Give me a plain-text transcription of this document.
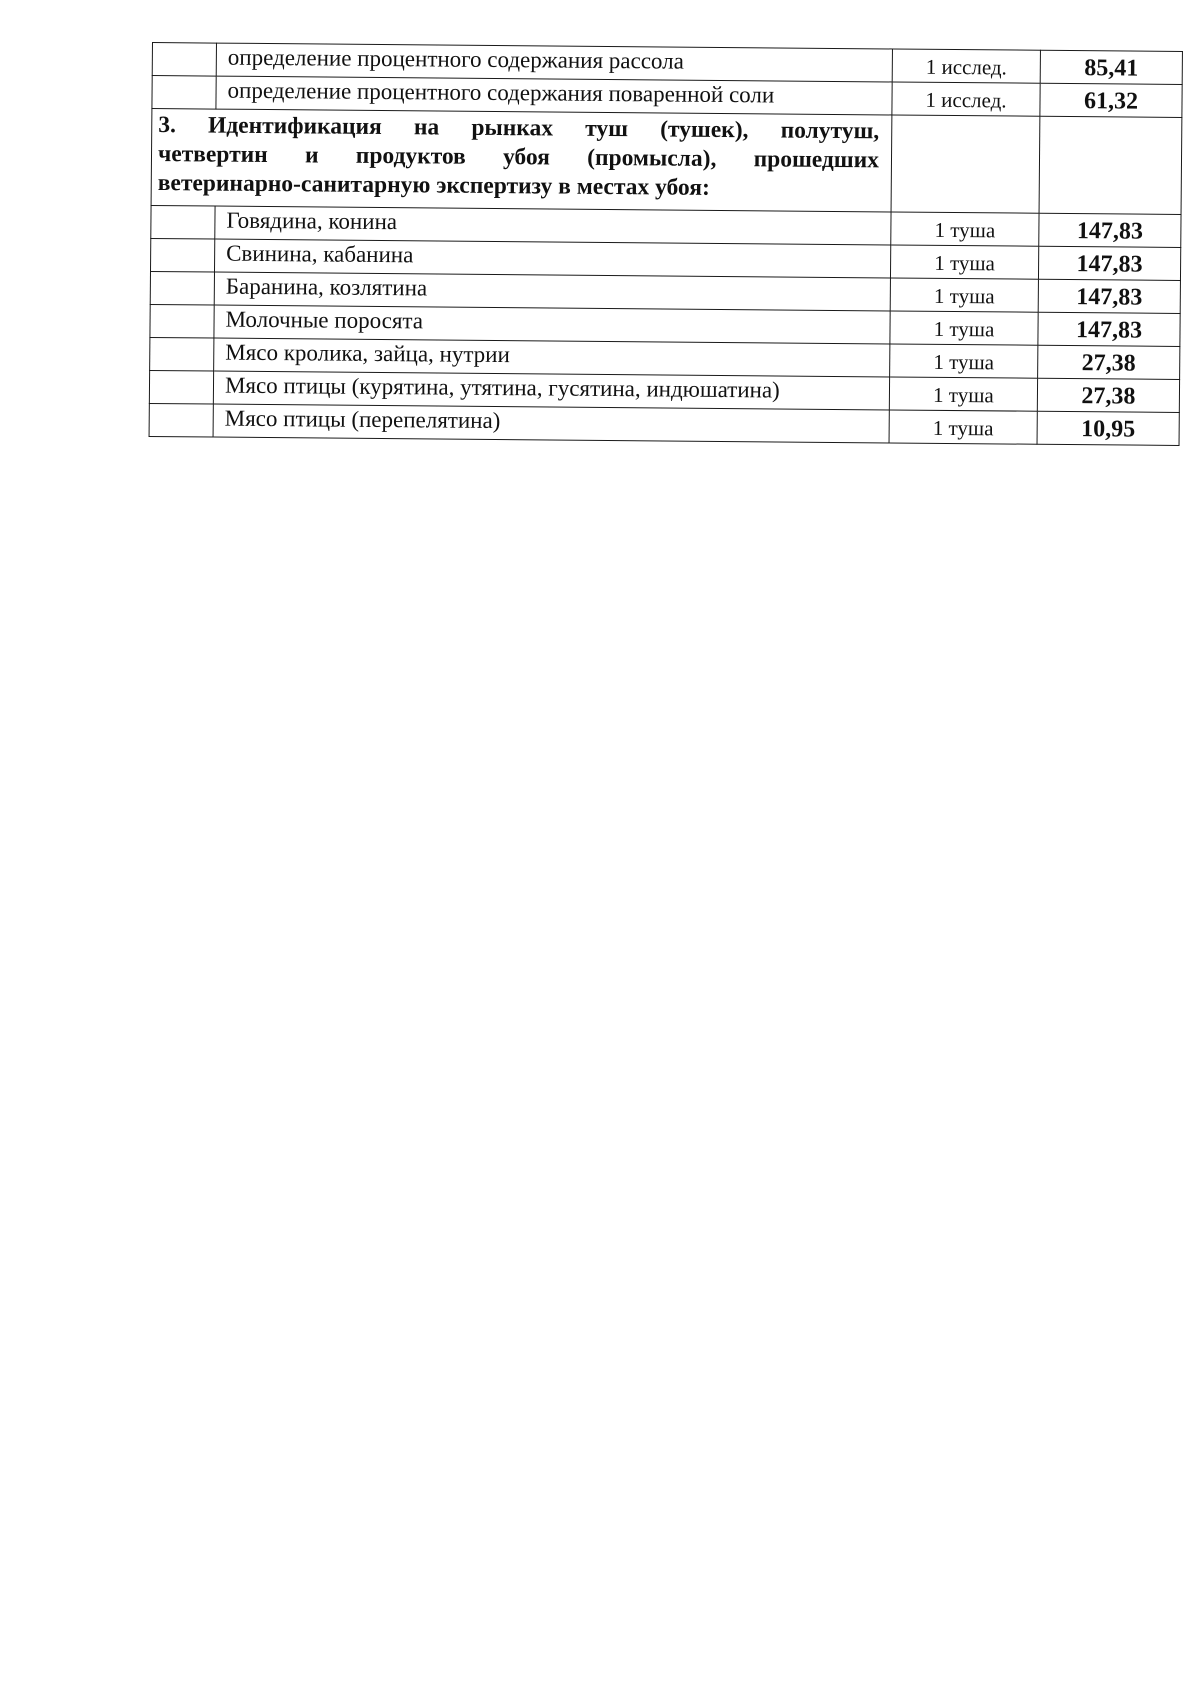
	определение процентного содержания рассола	1 исслед.	85,41
	определение процентного содержания поваренной соли	1 исслед.	61,32

3. Идентификация на рынках туш (тушек), полутуш,
четвертин и продуктов убоя (промысла), прошедших
ветеринарно-санитарную экспертизу в местах убоя:			

	Говядина, конина	1 туша	147,83
	Свинина, кабанина	1 туша	147,83
	Баранина, козлятина	1 туша	147,83
	Молочные поросята	1 туша	147,83
	Мясо кролика, зайца, нутрии	1 туша	27,38
	Мясо птицы (курятина, утятина, гусятина, индюшатина)	1 туша	27,38
	Мясо птицы (перепелятина)	1 туша	10,95
